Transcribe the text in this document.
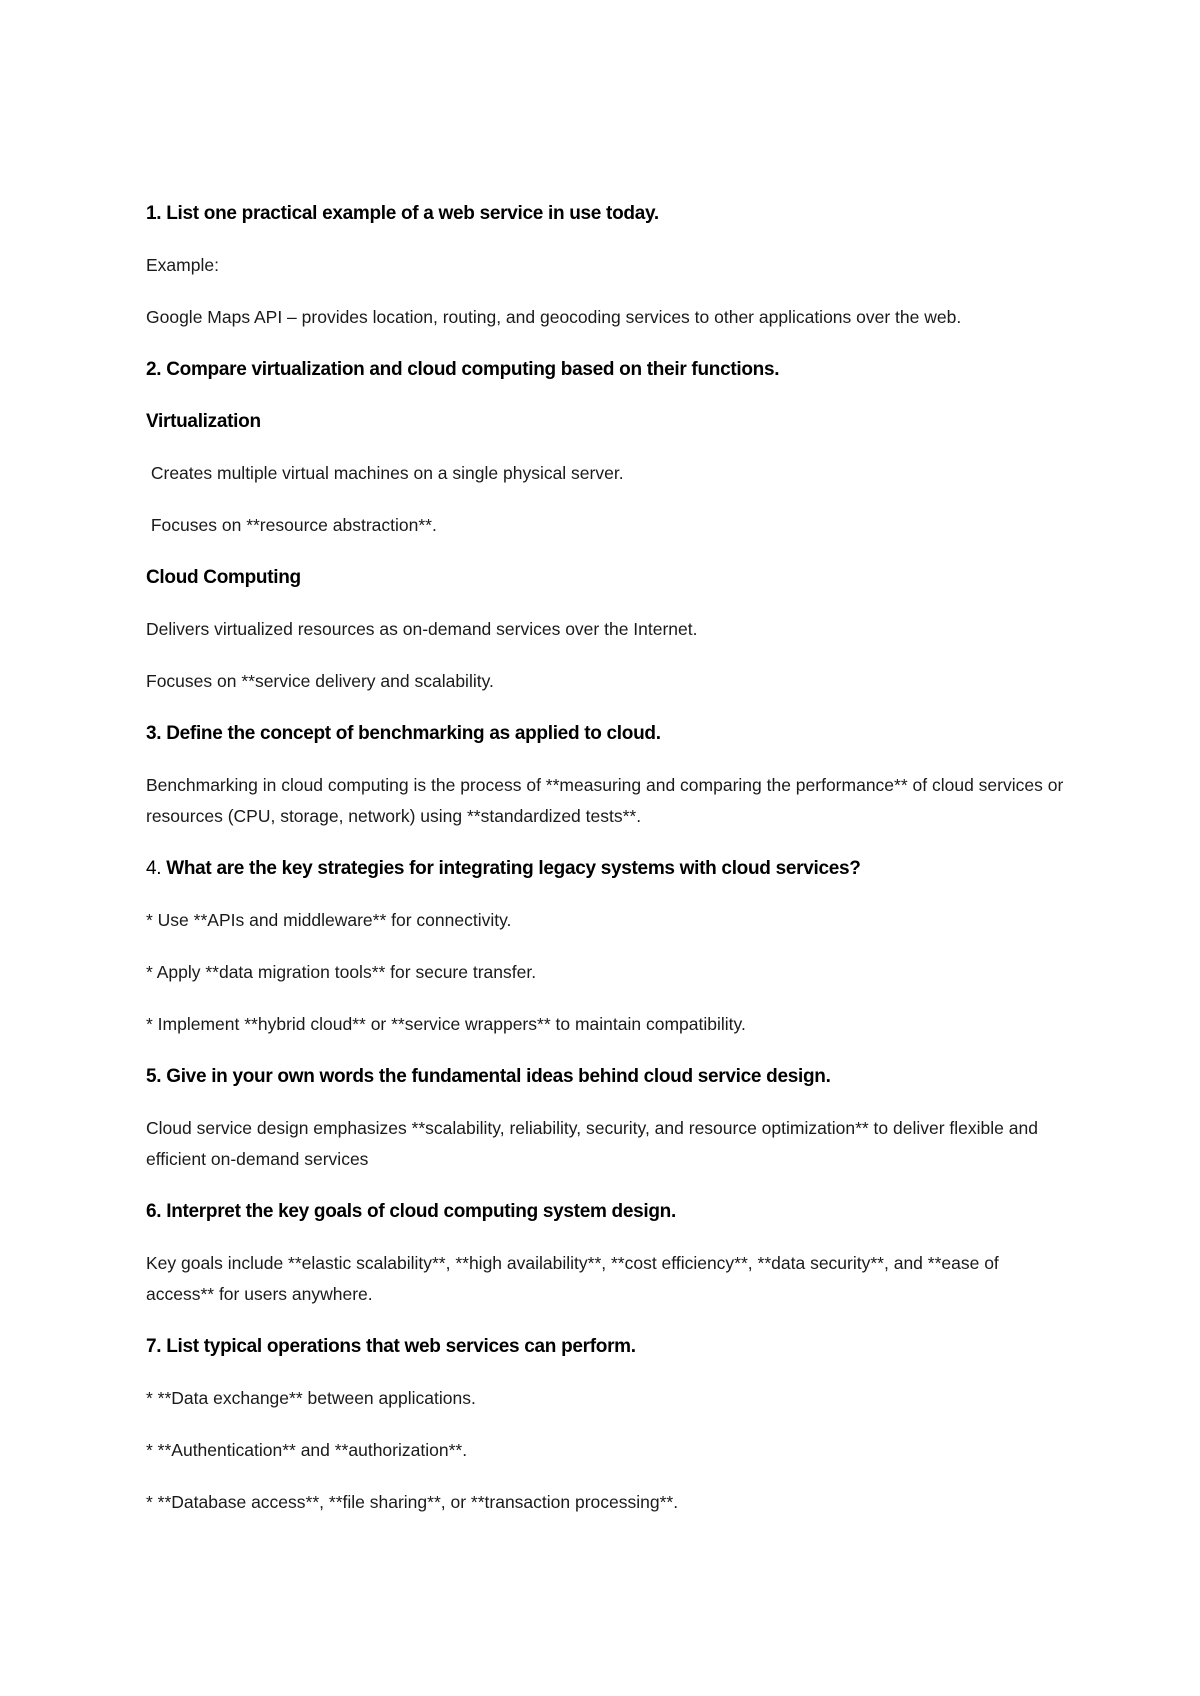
1. List one practical example of a web service in use today.
Example:
Google Maps API – provides location, routing, and geocoding services to other applications over the web.
2. Compare virtualization and cloud computing based on their functions.
Virtualization
Creates multiple virtual machines on a single physical server.
Focuses on **resource abstraction**.
Cloud Computing
Delivers virtualized resources as on-demand services over the Internet.
Focuses on **service delivery and scalability.
3. Define the concept of benchmarking as applied to cloud.
Benchmarking in cloud computing is the process of **measuring and comparing the performance** of cloud services or resources (CPU, storage, network) using **standardized tests**.
4. What are the key strategies for integrating legacy systems with cloud services?
* Use **APIs and middleware** for connectivity.
* Apply **data migration tools** for secure transfer.
* Implement **hybrid cloud** or **service wrappers** to maintain compatibility.
5. Give in your own words the fundamental ideas behind cloud service design.
Cloud service design emphasizes **scalability, reliability, security, and resource optimization** to deliver flexible and efficient on-demand services
6. Interpret the key goals of cloud computing system design.
Key goals include **elastic scalability**, **high availability**, **cost efficiency**, **data security**, and **ease of access** for users anywhere.
7. List typical operations that web services can perform.
* **Data exchange** between applications.
* **Authentication** and **authorization**.
* **Database access**, **file sharing**, or **transaction processing**.
